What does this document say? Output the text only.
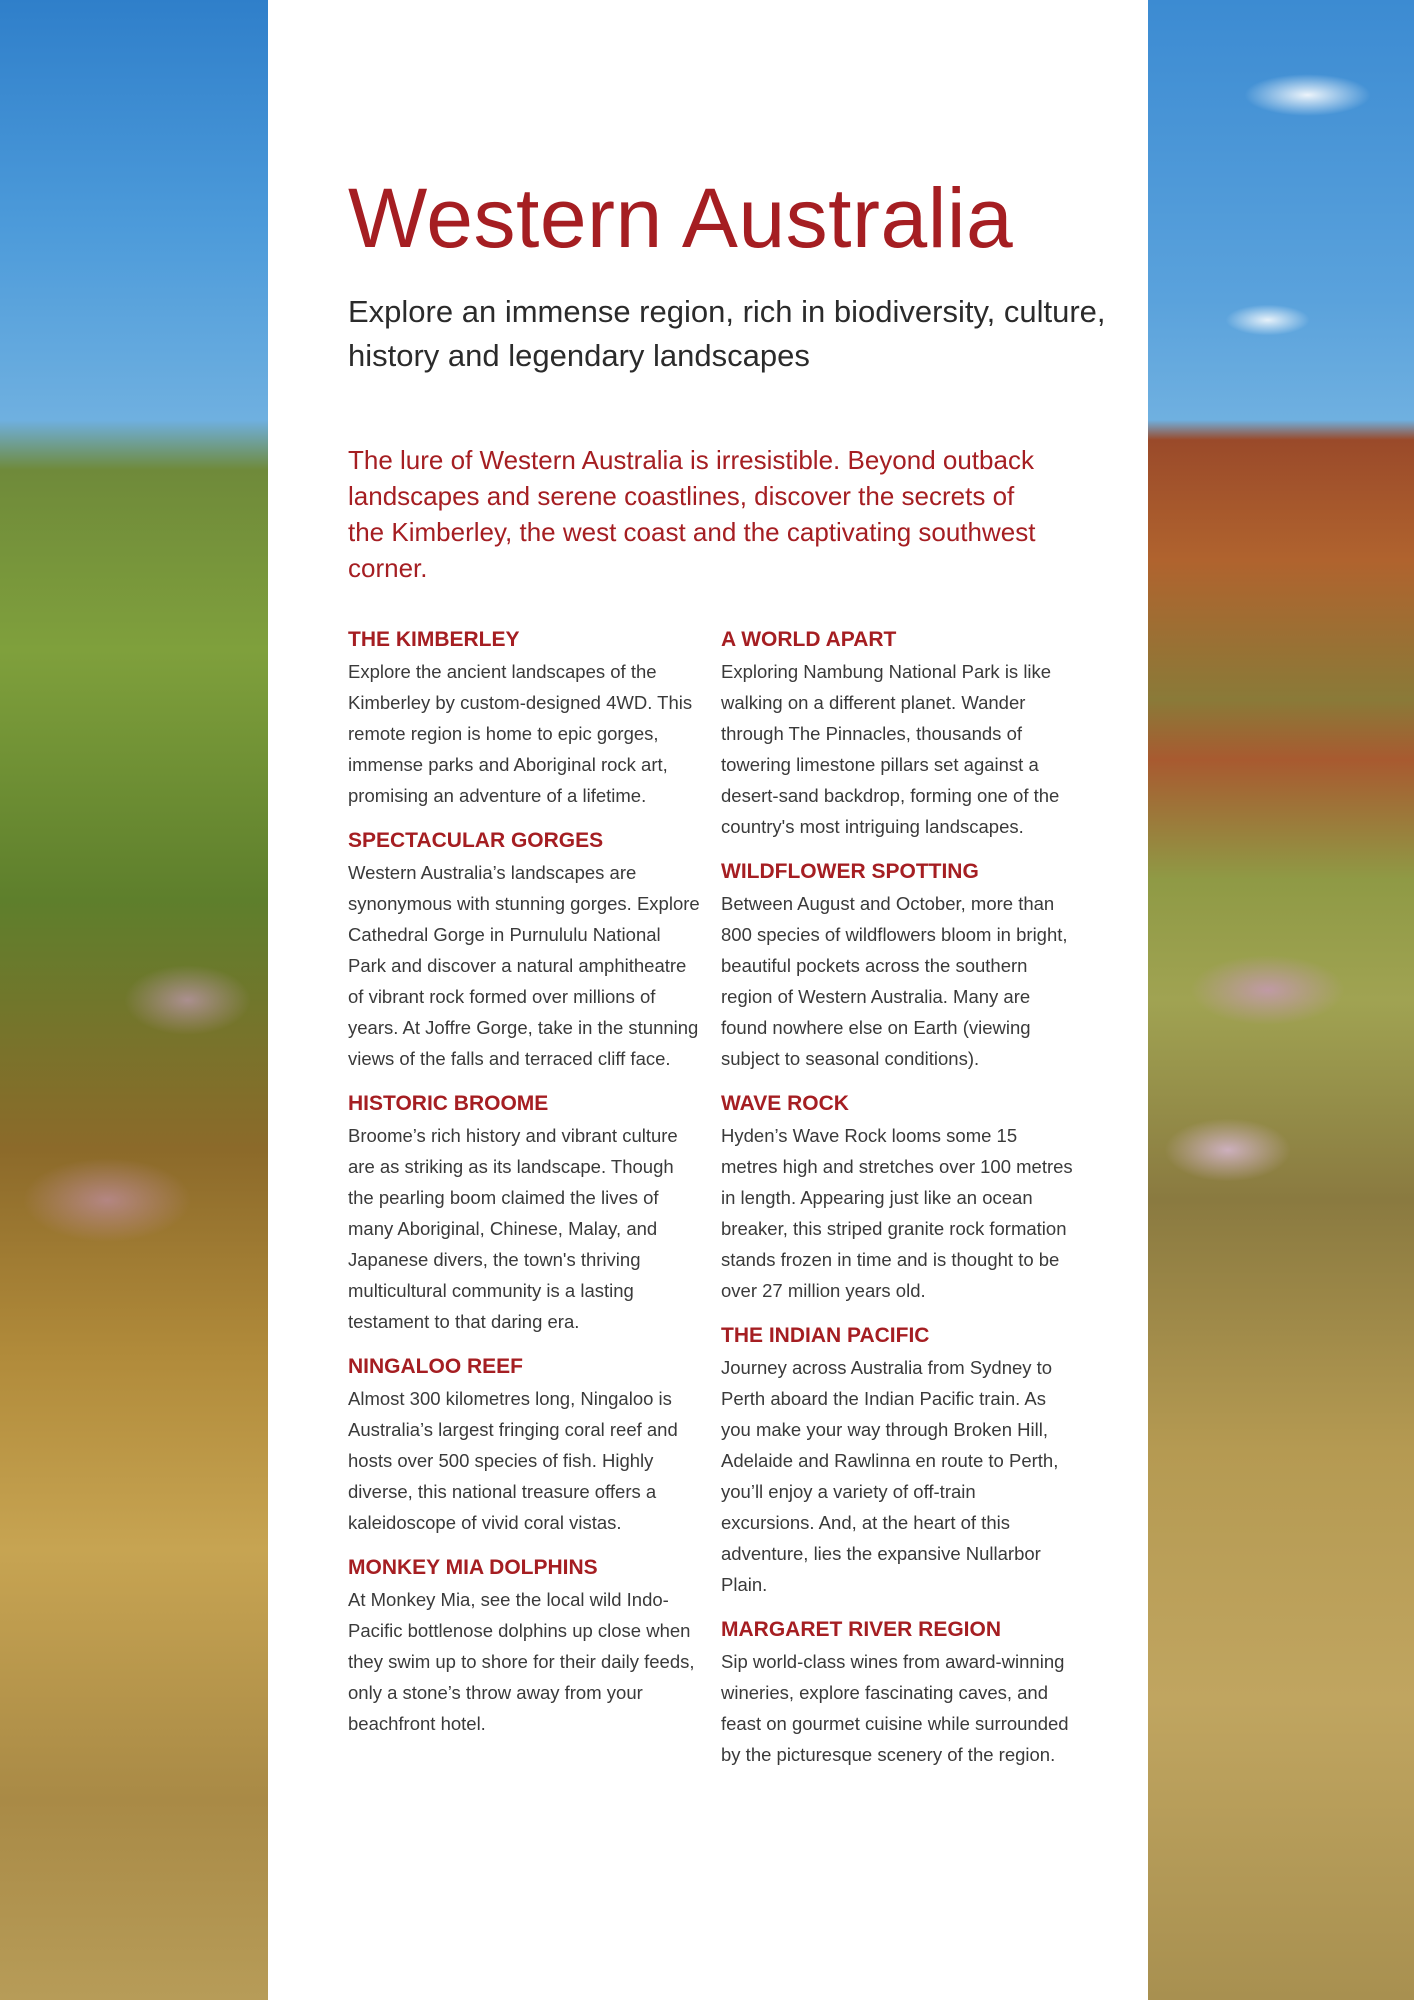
Western Australia
Explore an immense region, rich in biodiversity, culture, history and legendary landscapes

The lure of Western Australia is irresistible. Beyond outback landscapes and serene coastlines, discover the secrets of the Kimberley, the west coast and the captivating southwest corner.

THE KIMBERLEY

Explore the ancient landscapes of the Kimberley by custom-designed 4WD. This remote region is home to epic gorges, immense parks and Aboriginal rock art, promising an adventure of a lifetime.

SPECTACULAR GORGES

Western Australia’s landscapes are synonymous with stunning gorges. Explore Cathedral Gorge in Purnululu National Park and discover a natural amphitheatre of vibrant rock formed over millions of years. At Joffre Gorge, take in the stunning views of the falls and terraced cliff face.

HISTORIC BROOME

Broome’s rich history and vibrant culture are as striking as its landscape. Though the pearling boom claimed the lives of many Aboriginal, Chinese, Malay, and Japanese divers, the town's thriving multicultural community is a lasting testament to that daring era.

NINGALOO REEF

Almost 300 kilometres long, Ningaloo is Australia’s largest fringing coral reef and hosts over 500 species of fish. Highly diverse, this national treasure offers a kaleidoscope of vivid coral vistas.

MONKEY MIA DOLPHINS

At Monkey Mia, see the local wild Indo-Pacific bottlenose dolphins up close when they swim up to shore for their daily feeds, only a stone’s throw away from your beachfront hotel.

A WORLD APART

Exploring Nambung National Park is like walking on a different planet. Wander through The Pinnacles, thousands of towering limestone pillars set against a desert-sand backdrop, forming one of the country's most intriguing landscapes.

WILDFLOWER SPOTTING

Between August and October, more than 800 species of wildflowers bloom in bright, beautiful pockets across the southern region of Western Australia. Many are found nowhere else on Earth (viewing subject to seasonal conditions).

WAVE ROCK

Hyden’s Wave Rock looms some 15 metres high and stretches over 100 metres in length. Appearing just like an ocean breaker, this striped granite rock formation stands frozen in time and is thought to be over 27 million years old.

THE INDIAN PACIFIC

Journey across Australia from Sydney to Perth aboard the Indian Pacific train. As you make your way through Broken Hill, Adelaide and Rawlinna en route to Perth, you’ll enjoy a variety of off-train excursions. And, at the heart of this adventure, lies the expansive Nullarbor Plain.

MARGARET RIVER REGION

Sip world-class wines from award-winning wineries, explore fascinating caves, and feast on gourmet cuisine while surrounded by the picturesque scenery of the region.
